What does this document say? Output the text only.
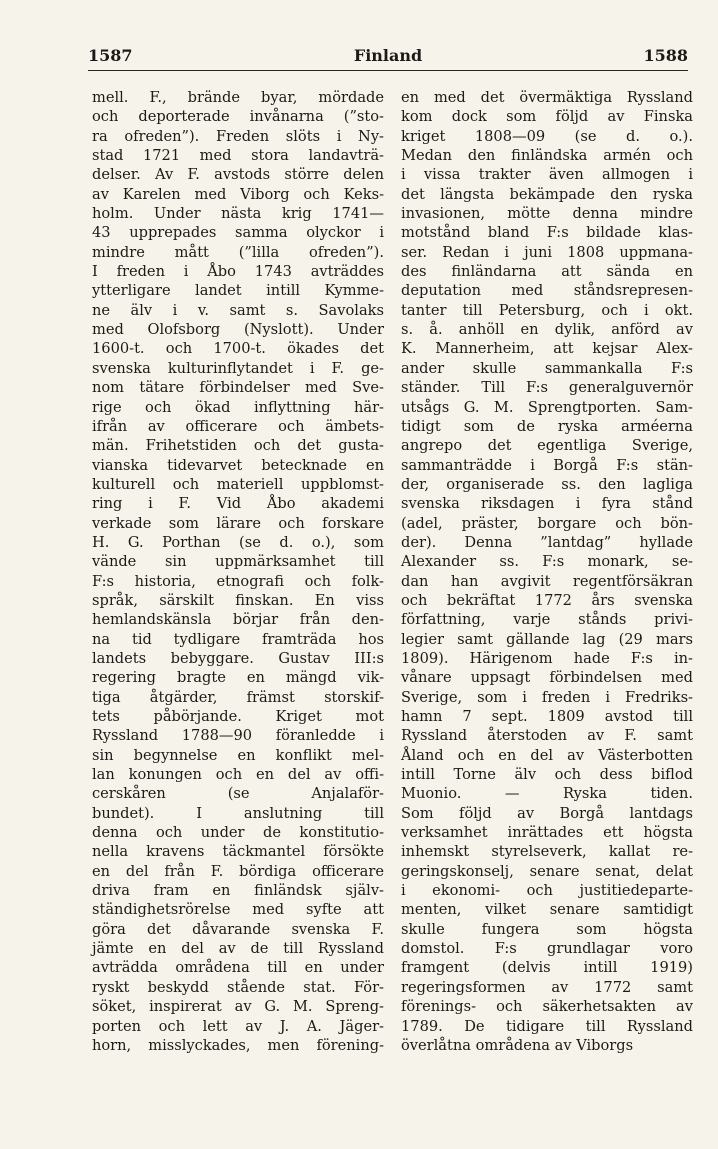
1587	Finland	1588
mell. F., brände byar, mördade
och deporterade invånarna (”sto-
ra ofreden”). Freden slöts i Ny-
stad 1721 med stora landavträ-
delser. Av F. avstods större delen
av Karelen med Viborg och Keks-
holm. Under nästa krig 1741—
43 upprepades samma olyckor i
mindre mått (”lilla ofreden”).
I freden i Åbo 1743 avträddes
ytterligare landet intill Kymme-
ne älv i v. samt s. Savolaks
med Olofsborg (Nyslott). Under
1600-t. och 1700-t. ökades det
svenska kulturinflytandet i F. ge-
nom tätare förbindelser med Sve-
rige och ökad inflyttning här-
ifrån av officerare och ämbets-
män. Frihetstiden och det gusta-
vianska tidevarvet betecknade en
kulturell och materiell uppblomst-
ring i F. Vid Åbo akademi
verkade som lärare och forskare
H. G. Porthan (se d. o.), som
vände sin uppmärksamhet till
F:s historia, etnografi och folk-
språk, särskilt finskan. En viss
hemlandskänsla börjar från den-
na tid tydligare framträda hos
landets bebyggare. Gustav III:s
regering bragte en mängd vik-
tiga åtgärder, främst storskif-
tets påbörjande. Kriget mot
Ryssland 1788—90 föranledde i
sin begynnelse en konflikt mel-
lan konungen och en del av offi-
cerskåren (se Anjalaför-
bundet). I anslutning till
denna och under de konstitutio-
nella kravens täckmantel försökte
en del från F. bördiga officerare
driva fram en finländsk själv-
ständighetsrörelse med syfte att
göra det dåvarande svenska F.
jämte en del av de till Ryssland
avträdda områdena till en under
ryskt beskydd stående stat. För-
söket, inspirerat av G. M. Spreng-
porten och lett av J. A. Jäger-
horn, misslyckades, men förening-
en med det övermäktiga Ryssland
kom dock som följd av Finska
kriget 1808—09 (se d. o.).
Medan den finländska armén och
i vissa trakter även allmogen i
det längsta bekämpade den ryska
invasionen, mötte denna mindre
motstånd bland F:s bildade klas-
ser. Redan i juni 1808 uppmana-
des finländarna att sända en
deputation med ståndsrepresen-
tanter till Petersburg, och i okt.
s. å. anhöll en dylik, anförd av
K. Mannerheim, att kejsar Alex-
ander skulle sammankalla F:s
ständer. Till F:s generalguvernör
utsågs G. M. Sprengtporten. Sam-
tidigt som de ryska arméerna
angrepo det egentliga Sverige,
sammanträdde i Borgå F:s stän-
der, organiserade ss. den lagliga
svenska riksdagen i fyra stånd
(adel, präster, borgare och bön-
der). Denna ”lantdag” hyllade
Alexander ss. F:s monark, se-
dan han avgivit regentförsäkran
och bekräftat 1772 års svenska
författning, varje stånds privi-
legier samt gällande lag (29 mars
1809). Härigenom hade F:s in-
vånare uppsagt förbindelsen med
Sverige, som i freden i Fredriks-
hamn 7 sept. 1809 avstod till
Ryssland återstoden av F. samt
Åland och en del av Västerbotten
intill Torne älv och dess biflod
Muonio. — Ryska tiden.
Som följd av Borgå lantdags
verksamhet inrättades ett högsta
inhemskt styrelseverk, kallat re-
geringskonselj, senare senat, delat
i ekonomi- och justitiedeparte-
menten, vilket senare samtidigt
skulle fungera som högsta
domstol. F:s grundlagar voro
framgent (delvis intill 1919)
regeringsformen av 1772 samt
förenings- och säkerhetsakten av
1789. De tidigare till Ryssland
överlåtna områdena av Viborgs
